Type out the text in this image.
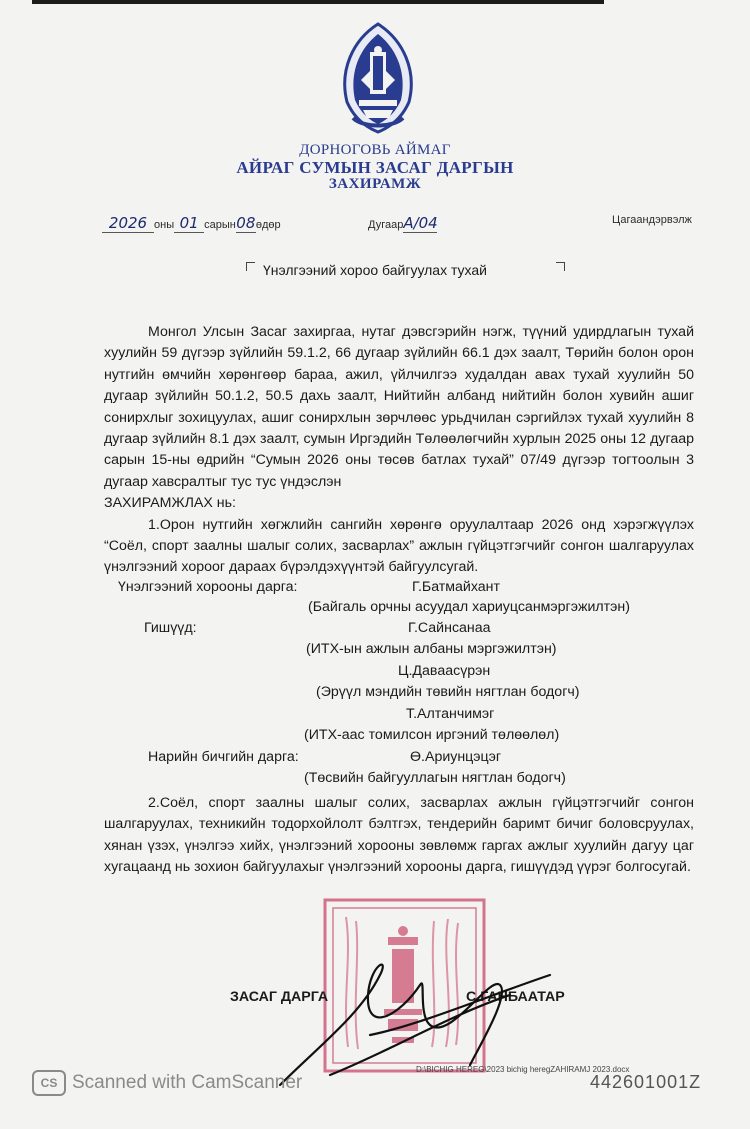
ДОРНОГОВЬ АЙМАГ
АЙРАГ СУМЫН ЗАСАГ ДАРГЫН
ЗАХИРАМЖ
2026 оны 01 сарын08өдөр	ДугаарА/04	Цагаандэрвэлж
Үнэлгээний хороо байгуулах тухай

Монгол Улсын Засаг захиргаа, нутаг дэвсгэрийн нэгж, түүний удирдлагын тухай хуулийн 59 дүгээр зүйлийн 59.1.2, 66 дугаар зүйлийн 66.1 дэх заалт, Төрийн болон орон нутгийн өмчийн хөрөнгөөр бараа, ажил, үйлчилгээ худалдан авах тухай хуулийн 50 дугаар зүйлийн 50.1.2, 50.5 дахь заалт, Нийтийн албанд нийтийн болон хувийн ашиг сонирхлыг зохицуулах, ашиг сонирхлын зөрчлөөс урьдчилан сэргийлэх тухай хуулийн 8 дугаар зүйлийн 8.1 дэх заалт, сумын Иргэдийн Төлөөлөгчийн хурлын 2025 оны 12 дугаар сарын 15-ны өдрийн “Сумын 2026 оны төсөв батлах тухай” 07/49 дүгээр тогтоолын 3 дугаар хавсралтыг тус тус үндэслэн

ЗАХИРАМЖЛАХ нь:

1.Орон нутгийн хөгжлийн сангийн хөрөнгө оруулалтаар 2026 онд хэрэгжүүлэх “Соёл, спорт заалны шалыг солих, засварлах” ажлын гүйцэтгэгчийг сонгон шалгаруулах үнэлгээний хороог дараах бүрэлдэхүүнтэй байгуулсугай.

Үнэлгээний хорооны дарга:	Г.Батмайхант
(Байгаль орчны асуудал хариуцсанмэргэжилтэн)
Гишүүд:	Г.Сайнсанаа
(ИТХ-ын ажлын албаны мэргэжилтэн)
Ц.Даваасүрэн
(Эрүүл мэндийн төвийн нягтлан бодогч)
Т.Алтанчимэг
(ИТХ-аас томилсон иргэний төлөөлөл)
Нарийн бичгийн дарга:	Ө.Ариунцэцэг
(Төсвийн байгууллагын нягтлан бодогч)

2.Соёл, спорт заалны шалыг солих, засварлах ажлын гүйцэтгэгчийг сонгон шалгаруулах, техникийн тодорхойлолт бэлтгэх, тендерийн баримт бичиг боловсруулах, хянан үзэх, үнэлгээ хийх, үнэлгээний хорооны зөвлөмж гаргах ажлыг хуулийн дагуу цаг хугацаанд нь зохион байгуулахыг үнэлгээний хорооны дарга, гишүүдэд үүрэг болгосугай.

ЗАСАГ ДАРГА	С.ГАНБААТАР
CS Scanned with CamScanner
D:\BICHIG HEREG\2023 bichig heregZAHIRAMJ 2023.docx
442601001Z
